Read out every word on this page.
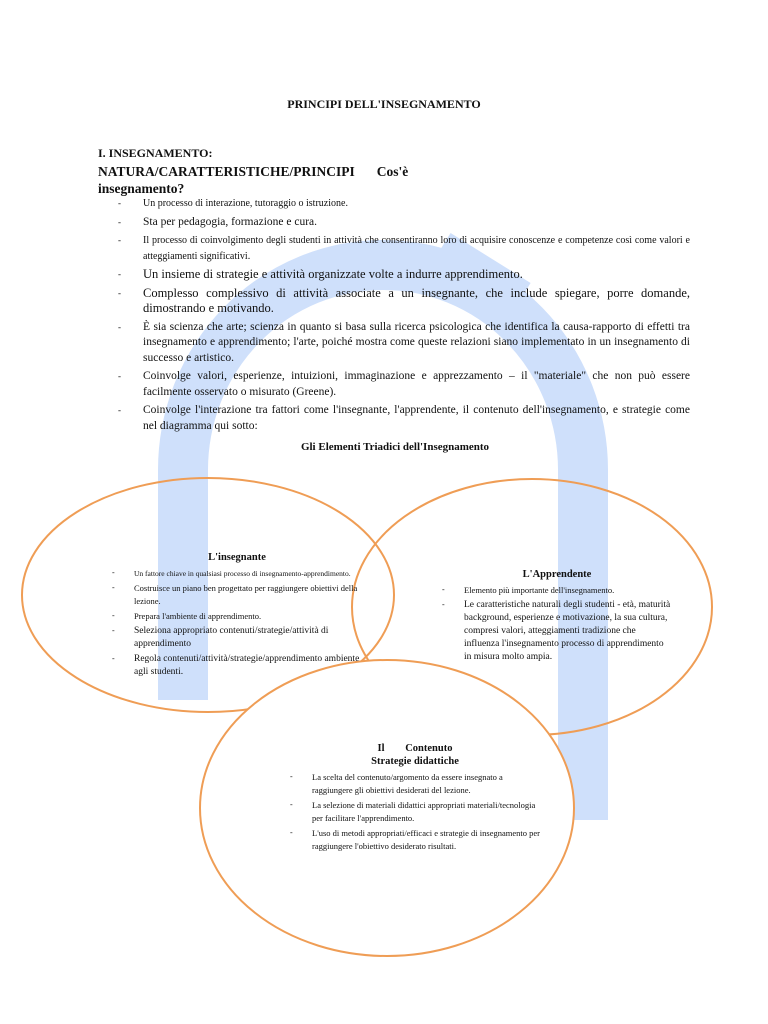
PRINCIPI DELL'INSEGNAMENTO
I. INSEGNAMENTO:
NATURA/CARATTERISTICHE/PRINCIPI Cos'è
insegnamento?
- Un processo di interazione, tutoraggio o istruzione.
- Sta per pedagogia, formazione e cura.
- Il processo di coinvolgimento degli studenti in attività che consentiranno loro di acquisire conoscenze e competenze così come valori e atteggiamenti significativi.
- Un insieme di strategie e attività organizzate volte a indurre apprendimento.
- Complesso complessivo di attività associate a un insegnante, che include spiegare, porre domande, dimostrando e motivando.
- È sia scienza che arte; scienza in quanto si basa sulla ricerca psicologica che identifica la causa-rapporto di effetti tra insegnamento e apprendimento; l'arte, poiché mostra come queste relazioni siano implementato in un insegnamento di successo e artistico.
- Coinvolge valori, esperienze, intuizioni, immaginazione e apprezzamento – il "materiale" che non può essere facilmente osservato o misurato (Greene).
- Coinvolge l'interazione tra fattori come l'insegnante, l'apprendente, il contenuto dell'insegnamento, e strategie come nel diagramma qui sotto:
Gli Elementi Triadici dell'Insegnamento
L'insegnante
- Un fattore chiave in qualsiasi processo di insegnamento-apprendimento.
- Costruisce un piano ben progettato per raggiungere obiettivi della lezione.
- Prepara l'ambiente di apprendimento.
- Seleziona appropriato contenuti/strategie/attività di apprendimento
- Regola contenuti/attività/strategie/apprendimento ambiente agli studenti.
L'Apprendente
- Elemento più importante dell'insegnamento.
- Le caratteristiche naturali degli studenti - età, maturità background, esperienze e motivazione, la sua cultura, compresi valori, atteggiamenti tradizione che influenza l'insegnamento processo di apprendimento in misura molto ampia.
Il Contenuto
Strategie didattiche
- La scelta del contenuto/argomento da essere insegnato a raggiungere gli obiettivi desiderati del lezione.
- La selezione di materiali didattici appropriati materiali/tecnologia per facilitare l'apprendimento.
- L'uso di metodi appropriati/efficaci e strategie di insegnamento per raggiungere l'obiettivo desiderato risultati.
